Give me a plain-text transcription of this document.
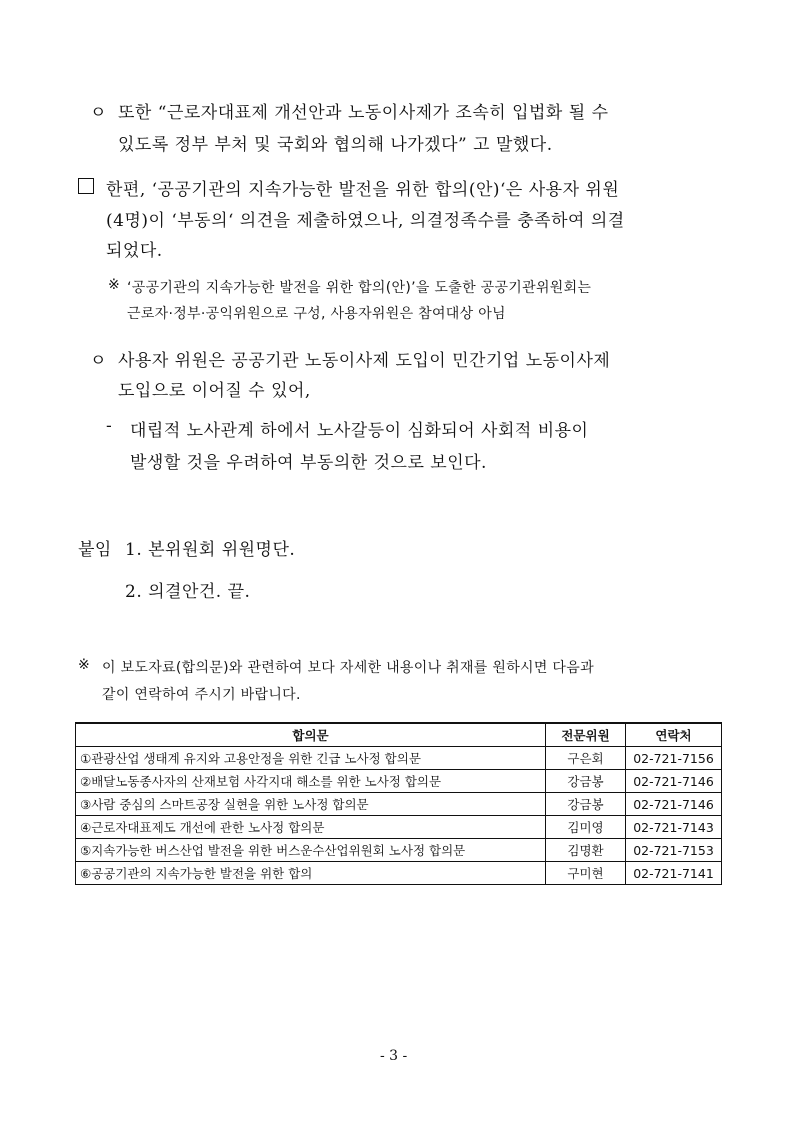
ㅇ 또한 “근로자대표제 개선안과 노동이사제가 조속히 입법화 될 수
있도록 정부 부처 및 국회와 협의해 나가겠다” 고 말했다.
한편, ‘공공기관의 지속가능한 발전을 위한 합의(안)‘은 사용자 위원
(4명)이 ‘부동의‘ 의견을 제출하였으나, 의결정족수를 충족하여 의결
되었다.
※ ‘공공기관의 지속가능한 발전을 위한 합의(안)’을 도출한 공공기관위원회는
근로자·정부·공익위원으로 구성, 사용자위원은 참여대상 아님
ㅇ 사용자 위원은 공공기관 노동이사제 도입이 민간기업 노동이사제
도입으로 이어질 수 있어,
- 대립적 노사관계 하에서 노사갈등이 심화되어 사회적 비용이
발생할 것을 우려하여 부동의한 것으로 보인다.
붙임 1. 본위원회 위원명단.
2. 의결안건. 끝.
※ 이 보도자료(합의문)와 관련하여 보다 자세한 내용이나 취재를 원하시면 다음과
같이 연락하여 주시기 바랍니다.
합의문	전문위원	연락처
①관광산업 생태계 유지와 고용안정을 위한 긴급 노사정 합의문	구은회	02-721-7156
②배달노동종사자의 산재보험 사각지대 해소를 위한 노사정 합의문	강금봉	02-721-7146
③사람 중심의 스마트공장 실현을 위한 노사정 합의문	강금봉	02-721-7146
④근로자대표제도 개선에 관한 노사정 합의문	김미영	02-721-7143
⑤지속가능한 버스산업 발전을 위한 버스운수산업위원회 노사정 합의문	김명환	02-721-7153
⑥공공기관의 지속가능한 발전을 위한 합의	구미현	02-721-7141
- 3 -
